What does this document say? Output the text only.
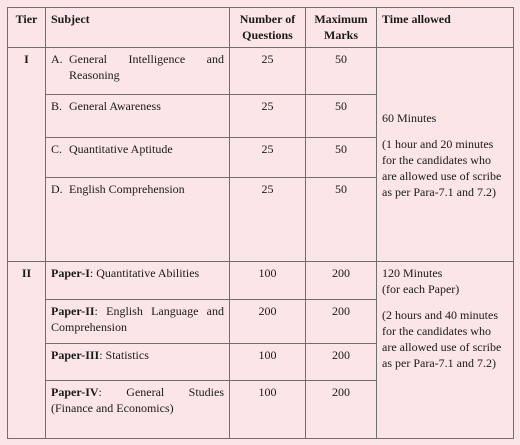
Tier	Subject	Number of Questions	Maximum Marks	Time allowed
I	A. General Intelligence and Reasoning	25	50	60 Minutes
(1 hour and 20 minutes for the candidates who are allowed use of scribe as per Para-7.1 and 7.2)

	B. General Awareness	25	50	

	C. Quantitative Aptitude	25	50	

	D. English Comprehension	25	50	
II	Paper-I: Quantitative Abilities	100	200	120 Minutes
(for each Paper)
(2 hours and 40 minutes for the candidates who are allowed use of scribe as per Para-7.1 and 7.2)

	Paper-II: English Language and Comprehension	200	200	
	Paper-III: Statistics	100	200	
	Paper-IV: General Studies (Finance and Economics)	100	200	
